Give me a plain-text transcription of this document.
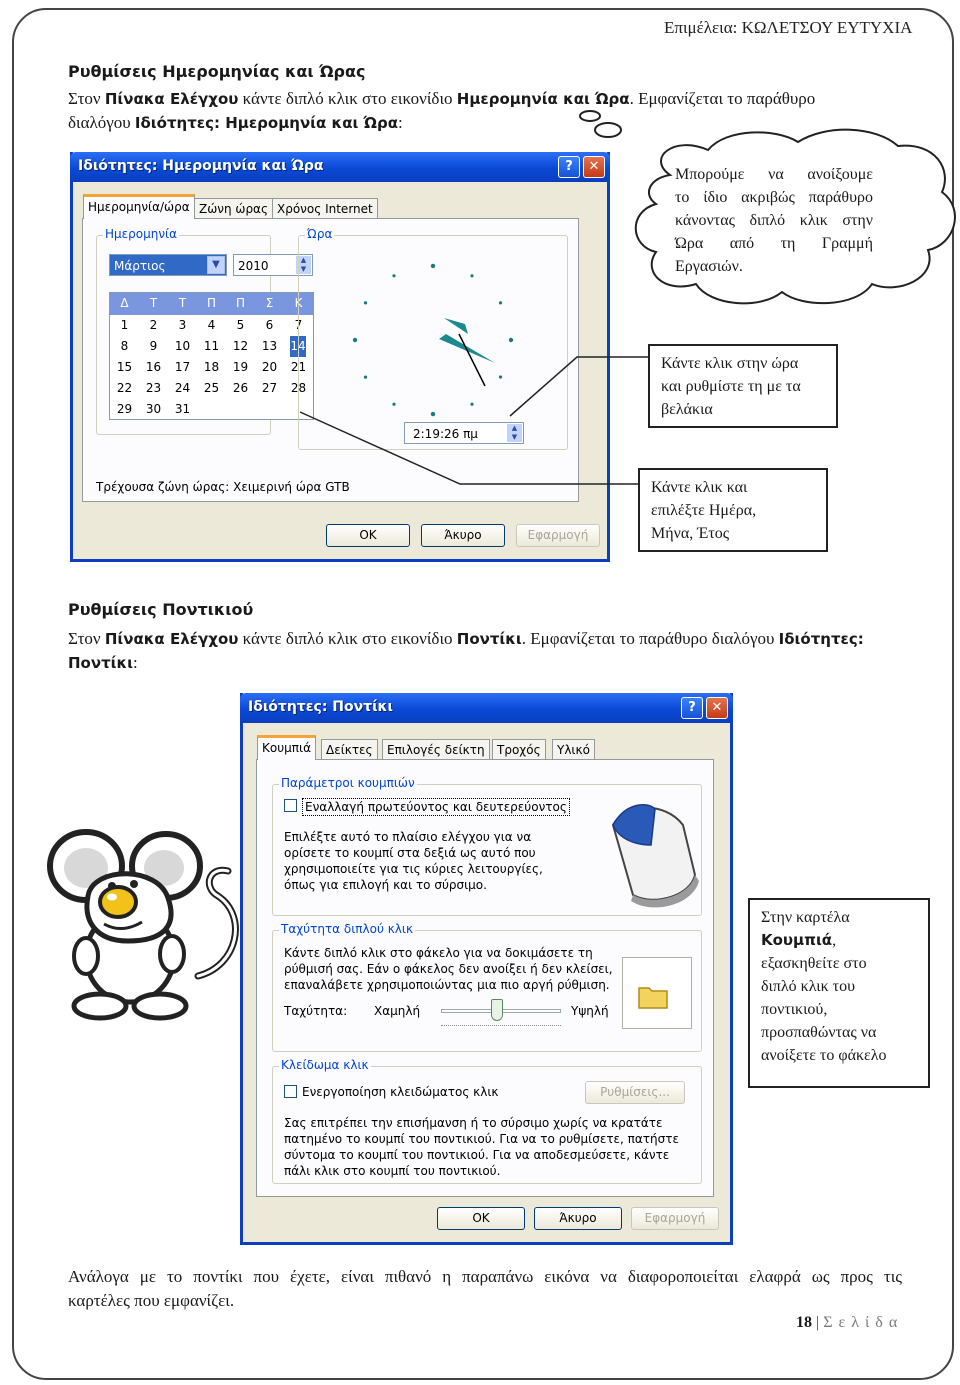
Επιμέλεια: ΚΩΛΕΤΣΟΥ ΕΥΤΥΧΙΑ
Ρυθμίσεις Ημερομηνίας και Ώρας
Στον Πίνακα Ελέγχου κάντε διπλό κλικ στο εικονίδιο Ημερομηνία και Ώρα. Εμφανίζεται το παράθυρο
διαλόγου Ιδιότητες: Ημερομηνία και Ώρα:
Ιδιότητες: Ημερομηνία και Ώρα	?	✕
Ημερομηνία/ώρα Ζώνη ώρας Χρόνος Internet
Ημερομηνία
Μάρτιος	▼	2010	▲
▼
Δ	Τ	Τ	Π	Π	Σ	Κ
1	2	3	4	5	6	7
8	9	10	11	12	13	14
15	16	17	18	19	20	21
22	23	24	25	26	27	28
29	30	31
Ώρα
2:19:26 πμ	▲
▼
Τρέχουσα ζώνη ώρας: Χειμερινή ώρα GTB
OK	Άκυρο	Εφαρμογή
Μπορούμε να ανοίξουμε
το ίδιο ακριβώς παράθυρο
κάνοντας διπλό κλικ στην
Ώρα από τη Γραμμή
Εργασιών.
Κάντε κλικ στην ώρα
και ρυθμίστε τη με τα
βελάκια
Κάντε κλικ και
επιλέξτε Ημέρα,
Μήνα, Έτος
Ρυθμίσεις Ποντικιού
Στον Πίνακα Ελέγχου κάντε διπλό κλικ στο εικονίδιο Ποντίκι. Εμφανίζεται το παράθυρο διαλόγου Ιδιότητες:
Ποντίκι:
Ιδιότητες: Ποντίκι	?	✕
Κουμπιά	Δείκτες	Επιλογές δείκτη	Τροχός	Υλικό
Παράμετροι κουμπιών
Εναλλαγή πρωτεύοντος και δευτερεύοντος
Επιλέξτε αυτό το πλαίσιο ελέγχου για να
ορίσετε το κουμπί στα δεξιά ως αυτό που
χρησιμοποιείτε για τις κύριες λειτουργίες,
όπως για επιλογή και το σύρσιμο.
Ταχύτητα διπλού κλικ
Κάντε διπλό κλικ στο φάκελο για να δοκιμάσετε τη
ρύθμισή σας. Εάν ο φάκελος δεν ανοίξει ή δεν κλείσει,
επαναλάβετε χρησιμοποιώντας μια πιο αργή ρύθμιση.
Ταχύτητα: Χαμηλή	Υψηλή
Κλείδωμα κλικ
Ενεργοποίηση κλειδώματος κλικ	Ρυθμίσεις...
Σας επιτρέπει την επισήμανση ή το σύρσιμο χωρίς να κρατάτε
πατημένο το κουμπί του ποντικιού. Για να το ρυθμίσετε, πατήστε
σύντομα το κουμπί του ποντικιού. Για να αποδεσμεύσετε, κάντε
πάλι κλικ στο κουμπί του ποντικιού.
OK	Άκυρο	Εφαρμογή
Στην καρτέλα
Κουμπιά,
εξασκηθείτε στο
διπλό κλικ του
ποντικιού,
προσπαθώντας να
ανοίξετε το φάκελο
Ανάλογα με το ποντίκι που έχετε, είναι πιθανό η παραπάνω εικόνα να διαφοροποιείται ελαφρά ως προς τις
καρτέλες που εμφανίζει.
18 | Σ ε λ ί δ α
